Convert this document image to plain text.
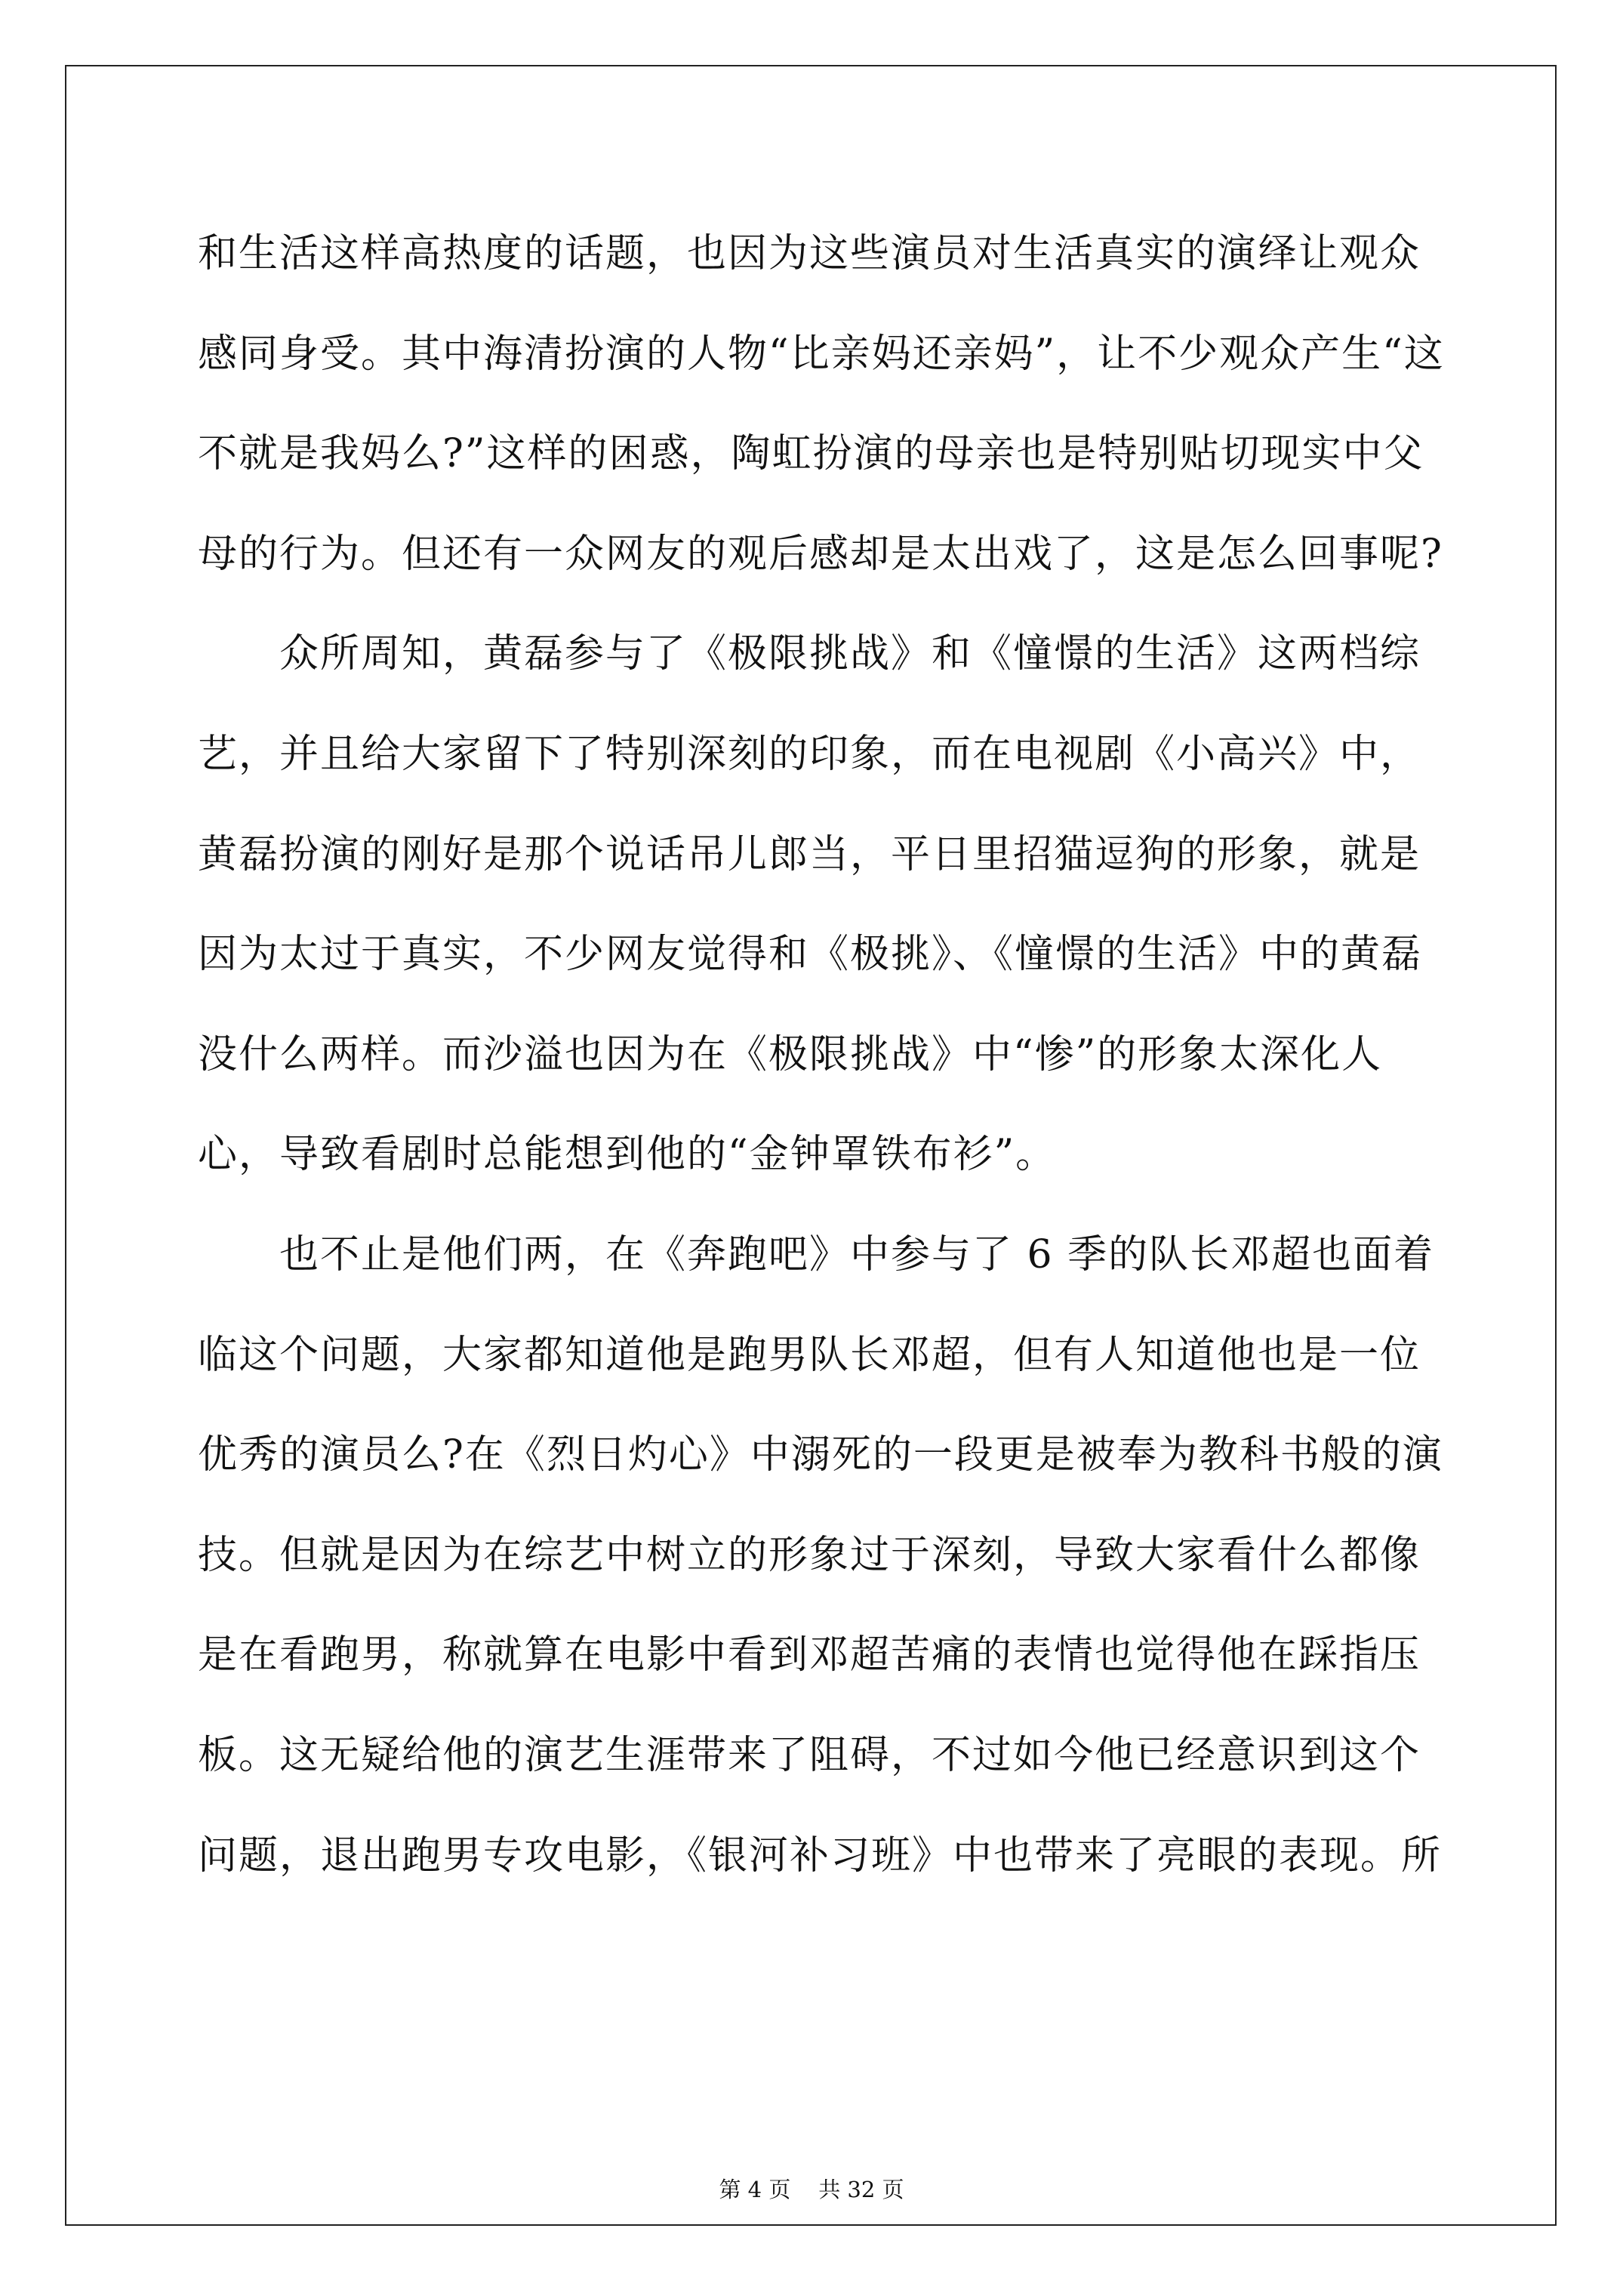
和生活这样高热度的话题，也因为这些演员对生活真实的演绎让观众
感同身受。其中海清扮演的人物“比亲妈还亲妈”，让不少观众产生“这
不就是我妈么?”这样的困惑，陶虹扮演的母亲也是特别贴切现实中父
母的行为。但还有一众网友的观后感却是太出戏了，这是怎么回事呢?
众所周知，黄磊参与了《极限挑战》和《憧憬的生活》这两档综
艺，并且给大家留下了特别深刻的印象，而在电视剧《小高兴》中，
黄磊扮演的刚好是那个说话吊儿郎当，平日里招猫逗狗的形象，就是
因为太过于真实，不少网友觉得和《极挑》、《憧憬的生活》中的黄磊
没什么两样。而沙溢也因为在《极限挑战》中“惨”的形象太深化人
心，导致看剧时总能想到他的“金钟罩铁布衫”。
也不止是他们两，在《奔跑吧》中参与了 6 季的队长邓超也面着
临这个问题，大家都知道他是跑男队长邓超，但有人知道他也是一位
优秀的演员么?在《烈日灼心》中溺死的一段更是被奉为教科书般的演
技。但就是因为在综艺中树立的形象过于深刻，导致大家看什么都像
是在看跑男，称就算在电影中看到邓超苦痛的表情也觉得他在踩指压
板。这无疑给他的演艺生涯带来了阻碍，不过如今他已经意识到这个
问题，退出跑男专攻电影，《银河补习班》中也带来了亮眼的表现。所
第 4 页    共 32 页
